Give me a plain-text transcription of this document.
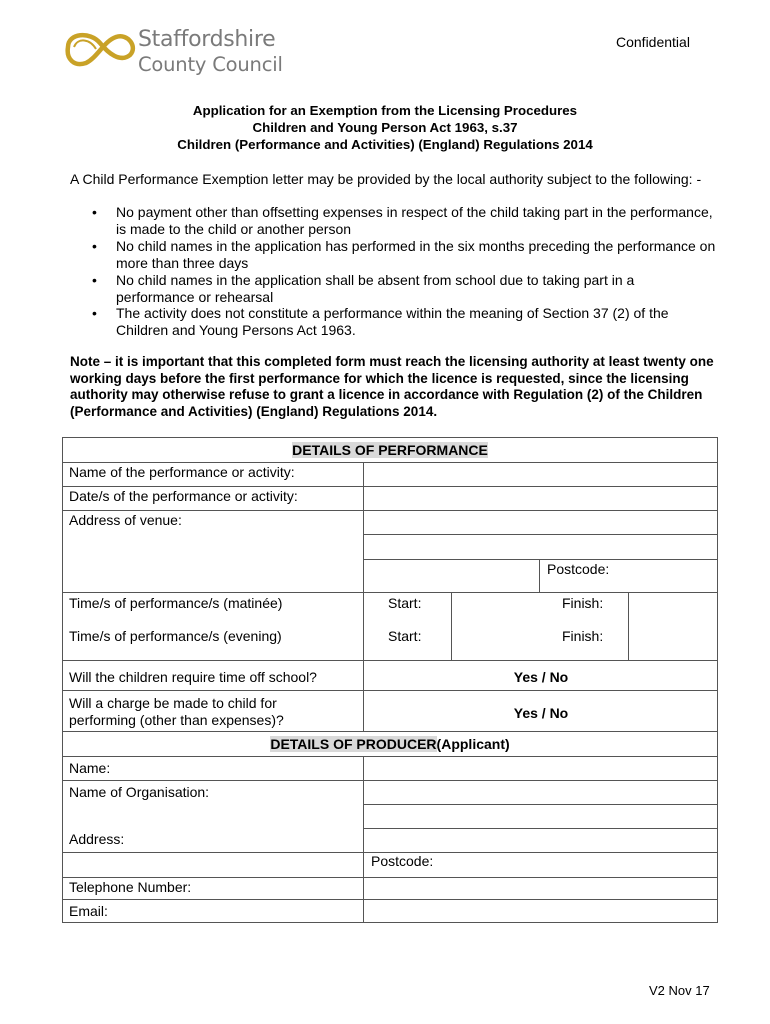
Staffordshire
County Council
Confidential
Application for an Exemption from the Licensing Procedures
Children and Young Person Act 1963, s.37
Children (Performance and Activities) (England) Regulations 2014
A Child Performance Exemption letter may be provided by the local authority subject to the following: -
• No payment other than offsetting expenses in respect of the child taking part in the performance, is made to the child or another person
• No child names in the application has performed in the six months preceding the performance on more than three days
• No child names in the application shall be absent from school due to taking part in a performance or rehearsal
• The activity does not constitute a performance within the meaning of Section 37 (2) of the Children and Young Persons Act 1963.
Note – it is important that this completed form must reach the licensing authority at least twenty one working days before the first performance for which the licence is requested, since the licensing authority may otherwise refuse to grant a licence in accordance with Regulation (2) of the Children (Performance and Activities) (England) Regulations 2014.
DETAILS OF PERFORMANCE
Name of the performance or activity:
Date/s of the performance or activity:
Address of venue:
Postcode:
Time/s of performance/s (matinée)	Start:	Finish:
Time/s of performance/s (evening)	Start:	Finish:
Will the children require time off school?	Yes / No
Will a charge be made to child for
performing (other than expenses)?	Yes / No
DETAILS OF PRODUCER(Applicant)
Name:
Name of Organisation:
Address:
Postcode:
Telephone Number:
Email:
V2 Nov 17
